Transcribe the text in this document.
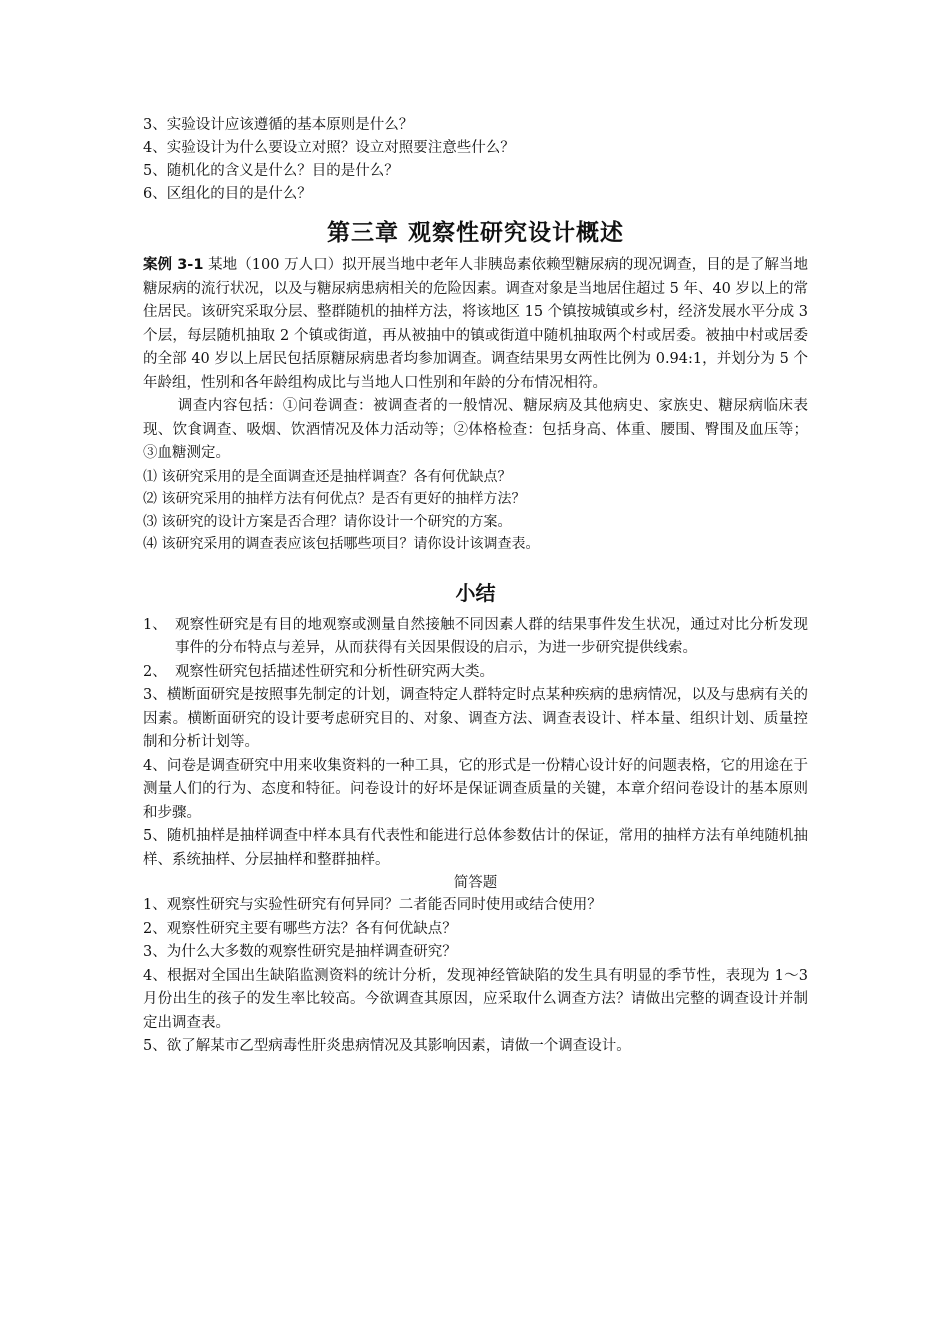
3、实验设计应该遵循的基本原则是什么？

4、实验设计为什么要设立对照？设立对照要注意些什么？

5、随机化的含义是什么？目的是什么？

6、区组化的目的是什么？

第三章 观察性研究设计概述

案例 3-1 某地（100 万人口）拟开展当地中老年人非胰岛素依赖型糖尿病的现况调查，目的是了解当地糖尿病的流行状况，以及与糖尿病患病相关的危险因素。调查对象是当地居住超过 5 年、40 岁以上的常住居民。该研究采取分层、整群随机的抽样方法，将该地区 15 个镇按城镇或乡村，经济发展水平分成 3 个层，每层随机抽取 2 个镇或街道，再从被抽中的镇或街道中随机抽取两个村或居委。被抽中村或居委的全部 40 岁以上居民包括原糖尿病患者均参加调查。调查结果男女两性比例为 0.94:1，并划分为 5 个年龄组，性别和各年龄组构成比与当地人口性别和年龄的分布情况相符。

调查内容包括：①问卷调查：被调查者的一般情况、糖尿病及其他病史、家族史、糖尿病临床表现、饮食调查、吸烟、饮酒情况及体力活动等；②体格检查：包括身高、体重、腰围、臀围及血压等；③血糖测定。

⑴ 该研究采用的是全面调查还是抽样调查？各有何优缺点？

⑵ 该研究采用的抽样方法有何优点？是否有更好的抽样方法？

⑶ 该研究的设计方案是否合理？请你设计一个研究的方案。

⑷ 该研究采用的调查表应该包括哪些项目？请你设计该调查表。

小结

1、 观察性研究是有目的地观察或测量自然接触不同因素人群的结果事件发生状况，通过对比分析发现事件的分布特点与差异，从而获得有关因果假设的启示，为进一步研究提供线索。

2、 观察性研究包括描述性研究和分析性研究两大类。

3、横断面研究是按照事先制定的计划，调查特定人群特定时点某种疾病的患病情况，以及与患病有关的因素。横断面研究的设计要考虑研究目的、对象、调查方法、调查表设计、样本量、组织计划、质量控制和分析计划等。

4、问卷是调查研究中用来收集资料的一种工具，它的形式是一份精心设计好的问题表格，它的用途在于测量人们的行为、态度和特征。问卷设计的好坏是保证调查质量的关键，本章介绍问卷设计的基本原则和步骤。

5、随机抽样是抽样调查中样本具有代表性和能进行总体参数估计的保证，常用的抽样方法有单纯随机抽样、系统抽样、分层抽样和整群抽样。

简答题

1、观察性研究与实验性研究有何异同？二者能否同时使用或结合使用？

2、观察性研究主要有哪些方法？各有何优缺点？

3、为什么大多数的观察性研究是抽样调查研究？

4、根据对全国出生缺陷监测资料的统计分析，发现神经管缺陷的发生具有明显的季节性，表现为 1～3 月份出生的孩子的发生率比较高。今欲调查其原因，应采取什么调查方法？请做出完整的调查设计并制定出调查表。

5、欲了解某市乙型病毒性肝炎患病情况及其影响因素，请做一个调查设计。
